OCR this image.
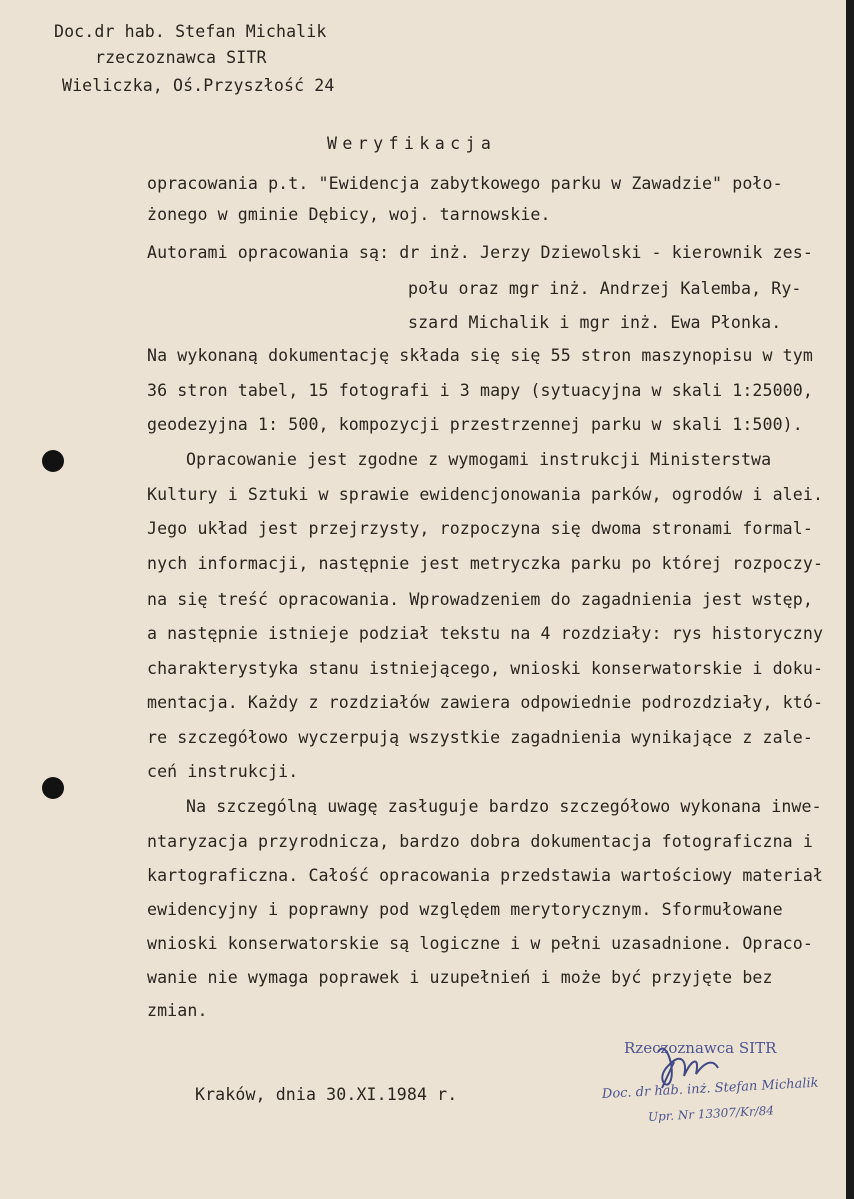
Doc.dr hab. Stefan Michalik
rzeczoznawca SITR
Wieliczka, Oś.Przyszłość 24
Weryfikacja
opracowania p.t. "Ewidencja zabytkowego parku w Zawadzie" poło-
żonego w gminie Dębicy, woj. tarnowskie.
Autorami opracowania są: dr inż. Jerzy Dziewolski - kierownik zes-
połu oraz mgr inż. Andrzej Kalemba, Ry-
szard Michalik i mgr inż. Ewa Płonka.
Na wykonaną dokumentację składa się się 55 stron maszynopisu w tym
36 stron tabel, 15 fotografi i 3 mapy (sytuacyjna w skali 1:25000,
geodezyjna 1: 500, kompozycji przestrzennej parku w skali 1:500).
Opracowanie jest zgodne z wymogami instrukcji Ministerstwa
Kultury i Sztuki w sprawie ewidencjonowania parków, ogrodów i alei.
Jego układ jest przejrzysty, rozpoczyna się dwoma stronami formal-
nych informacji, następnie jest metryczka parku po której rozpoczy-
na się treść opracowania. Wprowadzeniem do zagadnienia jest wstęp,
a następnie istnieje podział tekstu na 4 rozdziały: rys historyczny
charakterystyka stanu istniejącego, wnioski konserwatorskie i doku-
mentacja. Każdy z rozdziałów zawiera odpowiednie podrozdziały, któ-
re szczegółowo wyczerpują wszystkie zagadnienia wynikające z zale-
ceń instrukcji.
Na szczególną uwagę zasługuje bardzo szczegółowo wykonana inwe-
ntaryzacja przyrodnicza, bardzo dobra dokumentacja fotograficzna i
kartograficzna. Całość opracowania przedstawia wartościowy materiał
ewidencyjny i poprawny pod względem merytorycznym. Sformułowane
wnioski konserwatorskie są logiczne i w pełni uzasadnione. Opraco-
wanie nie wymaga poprawek i uzupełnień i może być przyjęte bez
zmian.
Kraków, dnia 30.XI.1984 r.
Rzeczoznawca SITR
Doc. dr hab. inż. Stefan Michalik
Upr. Nr 13307/Kr/84
